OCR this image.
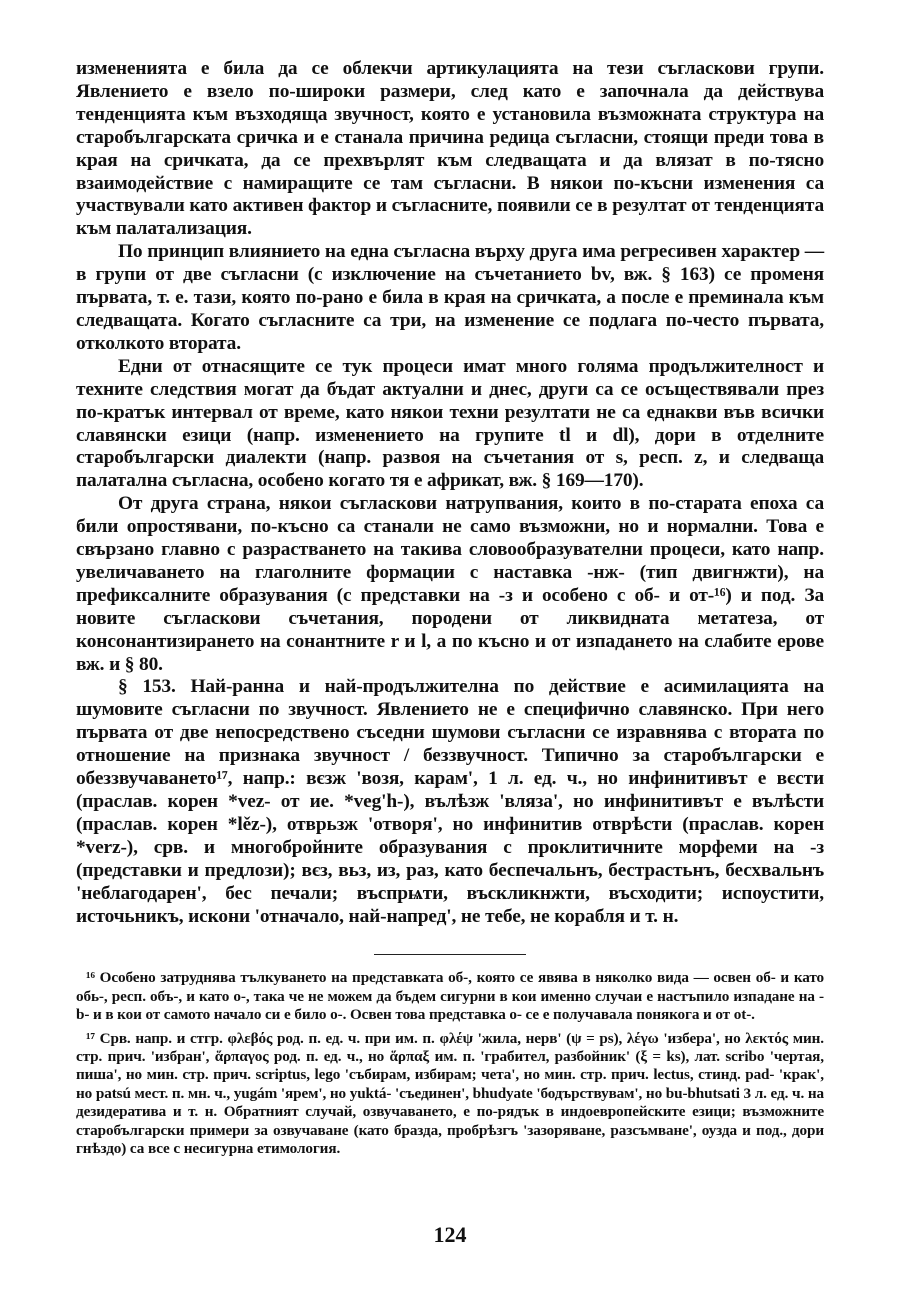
измененията е била да се облекчи артикулацията на тези съгласкови групи. Явлението е взело по-широки размери, след като е започнала да действува тенденцията към възходяща звучност, която е установила възможната структура на старобългарската сричка и е станала причина редица съгласни, стоящи преди това в края на сричката, да се прехвърлят към следващата и да влязат в по-тясно взаимодействие с намиращите се там съгласни. В някои по-късни изменения са участвували като активен фактор и съгласните, появили се в резултат от тенденцията към палатализация.

По принцип влиянието на една съгласна върху друга има регресивен характер — в групи от две съгласни (с изключение на съчетанието bv, вж. § 163) се променя първата, т. е. тази, която по-рано е била в края на сричката, а после е преминала към следващата. Когато съгласните са три, на изменение се подлага по-често първата, отколкото втората.

Едни от отнасящите се тук процеси имат много голяма продължителност и техните следствия могат да бъдат актуални и днес, други са се осъществявали през по-кратък интервал от време, като някои техни резултати не са еднакви във всички славянски езици (напр. изменението на групите tl и dl), дори в отделните старобългарски диалекти (напр. развоя на съчетания от s, респ. z, и следваща палатална съгласна, особено когато тя е африкат, вж. § 169—170).

От друга страна, някои съгласкови натрупвания, които в по-старата епоха са били опростявани, по-късно са станали не само възможни, но и нормални. Това е свързано главно с разрастването на такива словообразувателни процеси, като напр. увеличаването на глаголните формации с наставка -нж- (тип двигнжти), на префиксалните образувания (с представки на -з и особено с об- и от-¹⁶) и под. За новите съгласкови съчетания, породени от ликвидната метатеза, от консонантизирането на сонантните r и l, а по късно и от изпадането на слабите ерове вж. и § 80.

§ 153. Най-ранна и най-продължителна по действие е асимилацията на шумовите съгласни по звучност. Явлението не е специфично славянско. При него първата от две непосредствено съседни шумови съгласни се изравнява с втората по отношение на признака звучност / беззвучност. Типично за старобългарски е обеззвучаването¹⁷, напр.: вєзж 'возя, карам', 1 л. ед. ч., но инфинитивът е вєсти (праслав. корен *vez- от ие. *veg'h-), вълѣзж 'вляза', но инфинитивът е вълѣсти (праслав. корен *lěz-), отврьзж 'отворя', но инфинитив отврѣсти (праслав. корен *verz-), срв. и многобройните образувания с проклитичните морфеми на -з (представки и предлози); вєз, вьз, из, раз, като беспечальнъ, бестрастьнъ, бесхвальнъ 'неблагодарен', бес печали; въспрѩти, въскликнжти, въсходити; испоустити, источьникъ, искони 'отначало, най-напред', не тебе, не корабля и т. н.

¹⁶ Особено затруднява тълкуването на представката об-, която се явява в няколко вида — освен об- и като обь-, респ. объ-, и като о-, така че не можем да бъдем сигурни в кои именно случаи е настъпило изпадане на -b- и в кои от самото начало си е било o-. Освен това представка о- се е получавала понякога и от ot-.

¹⁷ Срв. напр. и стгр. φλεβός род. п. ед. ч. при им. п. φλέψ 'жила, нерв' (ψ = ps), λέγω 'избера', но λεκτός мин. стр. прич. 'избран', ἅρπαγος род. п. ед. ч., но ἅρπαξ им. п. 'грабител, разбойник' (ξ = ks), лат. scribo 'чертая, пиша', но мин. стр. прич. scriptus, lego 'събирам, избирам; чета', но мин. стр. прич. lectus, стинд. pad- 'крак', но patsú мест. п. мн. ч., yugám 'ярем', но yuktá- 'съединен', bhudyate 'бодърствувам', но bu-bhutsati 3 л. ед. ч. на дезидератива и т. н. Обратният случай, озвучаването, е по-рядък в индоевропейските езици; възможните старобългарски примери за озвучаване (като бразда, пробрѣзгъ 'зазоряване, разсъмване', оузда и под., дори гнѣздо) са все с несигурна етимология.

124
